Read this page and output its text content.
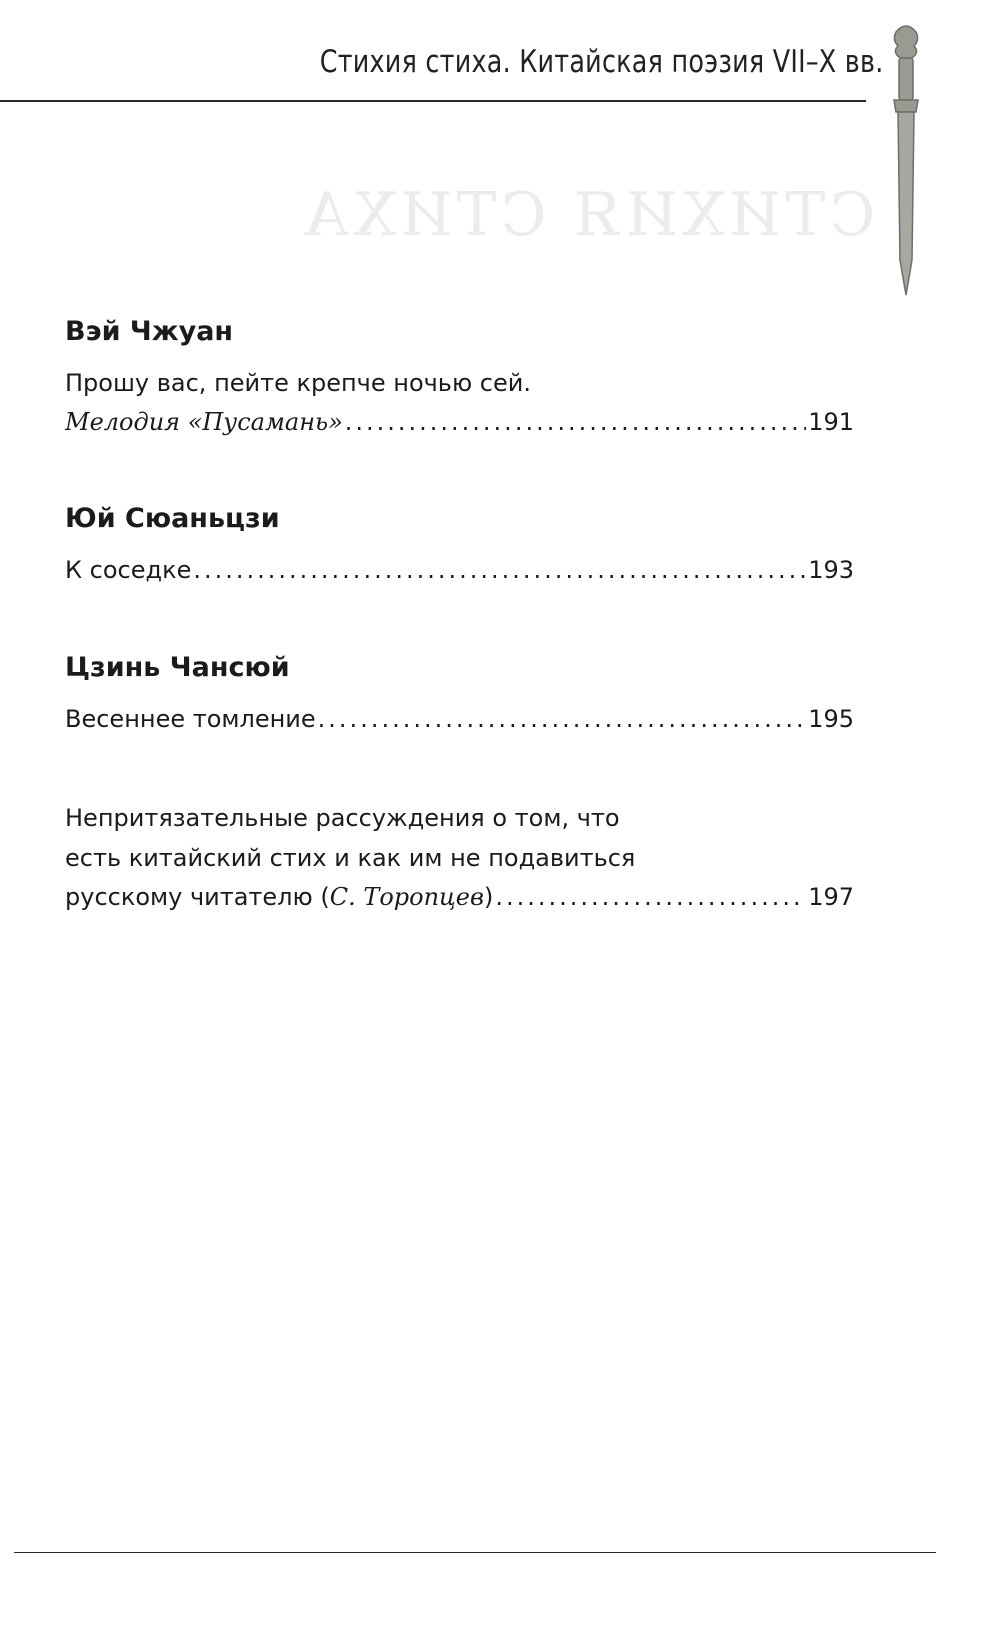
СТИХИЯ СТИХА
Стихия стиха. Китайская поэзия VII–X вв.
Вэй Чжуан
Прошу вас, пейте крепче ночью сей.
Мелодия «Пусамань» .....	191
Юй Сюаньцзи
К соседке .....	193
Цзинь Чансюй
Весеннее томление .....	195
Непритязательные рассуждения о том, что
есть китайский стих и как им не подавиться
русскому читателю (С. Торопцев) .....	197
